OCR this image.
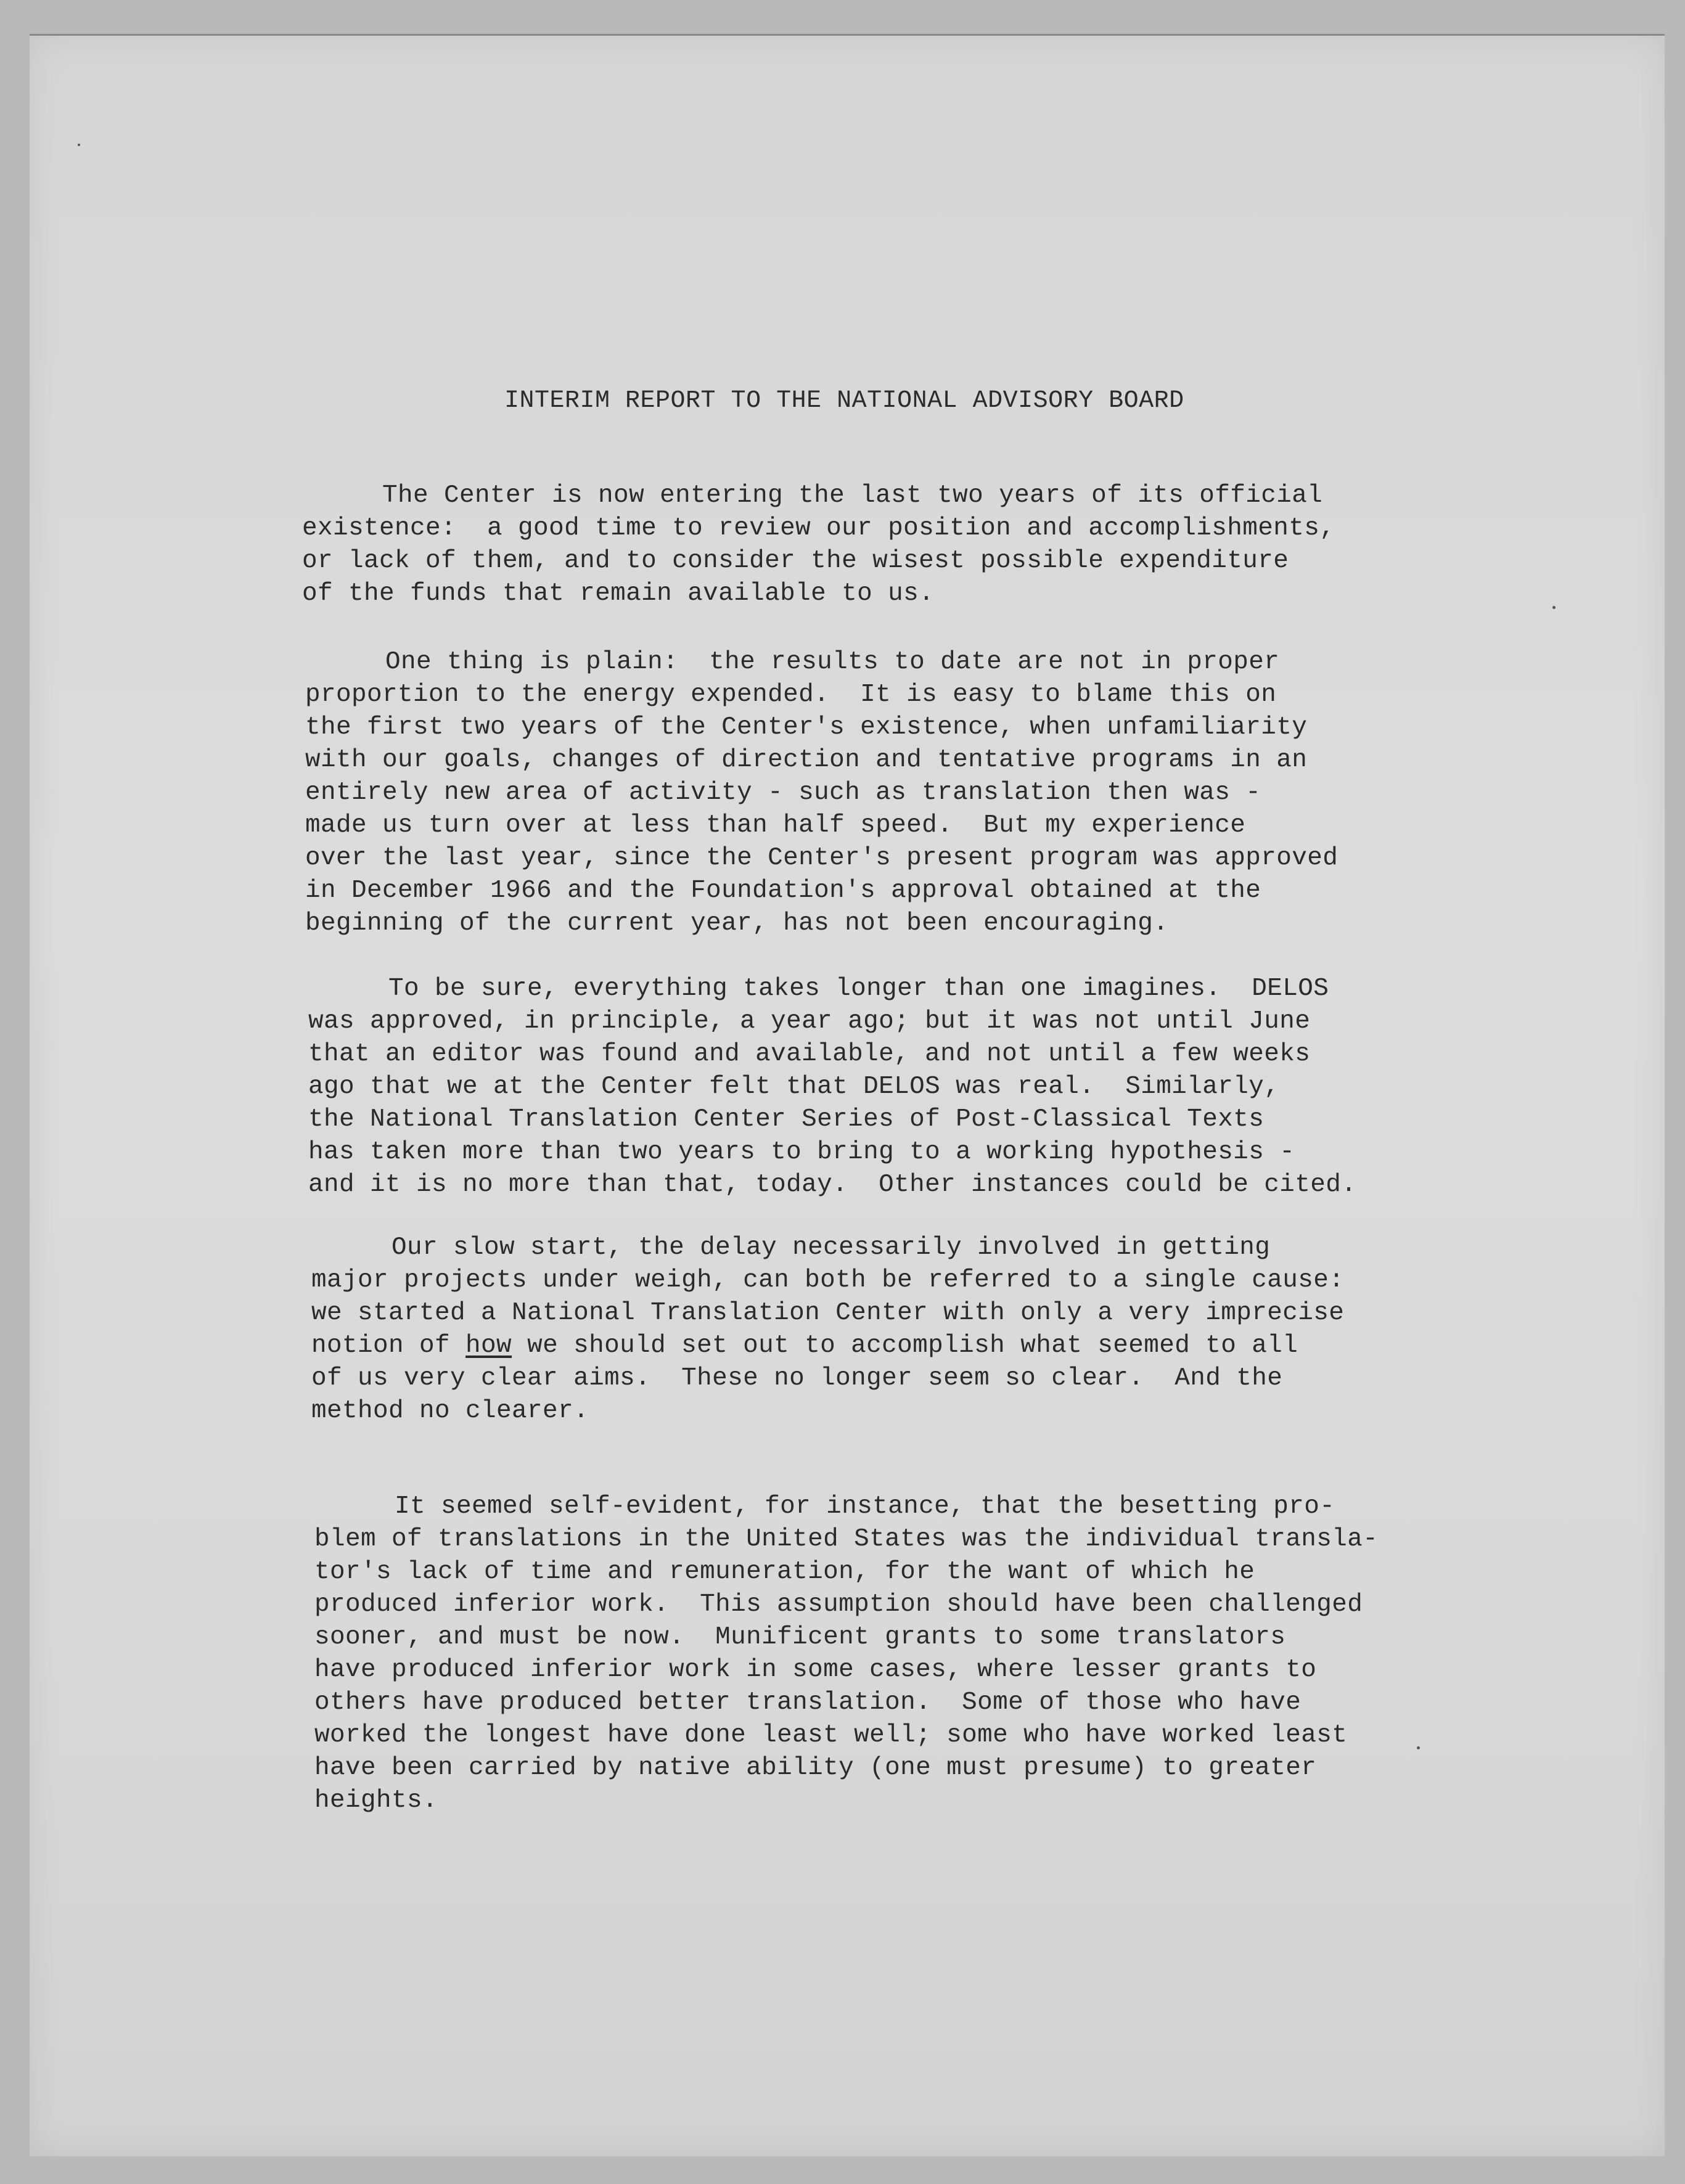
INTERIM REPORT TO THE NATIONAL ADVISORY BOARD
The Center is now entering the last two years of its official
existence:  a good time to review our position and accomplishments,
or lack of them, and to consider the wisest possible expenditure
of the funds that remain available to us.
One thing is plain:  the results to date are not in proper
proportion to the energy expended.  It is easy to blame this on
the first two years of the Center's existence, when unfamiliarity
with our goals, changes of direction and tentative programs in an
entirely new area of activity - such as translation then was -
made us turn over at less than half speed.  But my experience
over the last year, since the Center's present program was approved
in December 1966 and the Foundation's approval obtained at the
beginning of the current year, has not been encouraging.
To be sure, everything takes longer than one imagines.  DELOS
was approved, in principle, a year ago; but it was not until June
that an editor was found and available, and not until a few weeks
ago that we at the Center felt that DELOS was real.  Similarly,
the National Translation Center Series of Post-Classical Texts
has taken more than two years to bring to a working hypothesis -
and it is no more than that, today.  Other instances could be cited.
Our slow start, the delay necessarily involved in getting
major projects under weigh, can both be referred to a single cause:
we started a National Translation Center with only a very imprecise
notion of how we should set out to accomplish what seemed to all
of us very clear aims.  These no longer seem so clear.  And the
method no clearer.
It seemed self-evident, for instance, that the besetting pro-
blem of translations in the United States was the individual transla-
tor's lack of time and remuneration, for the want of which he
produced inferior work.  This assumption should have been challenged
sooner, and must be now.  Munificent grants to some translators
have produced inferior work in some cases, where lesser grants to
others have produced better translation.  Some of those who have
worked the longest have done least well; some who have worked least
have been carried by native ability (one must presume) to greater
heights.
